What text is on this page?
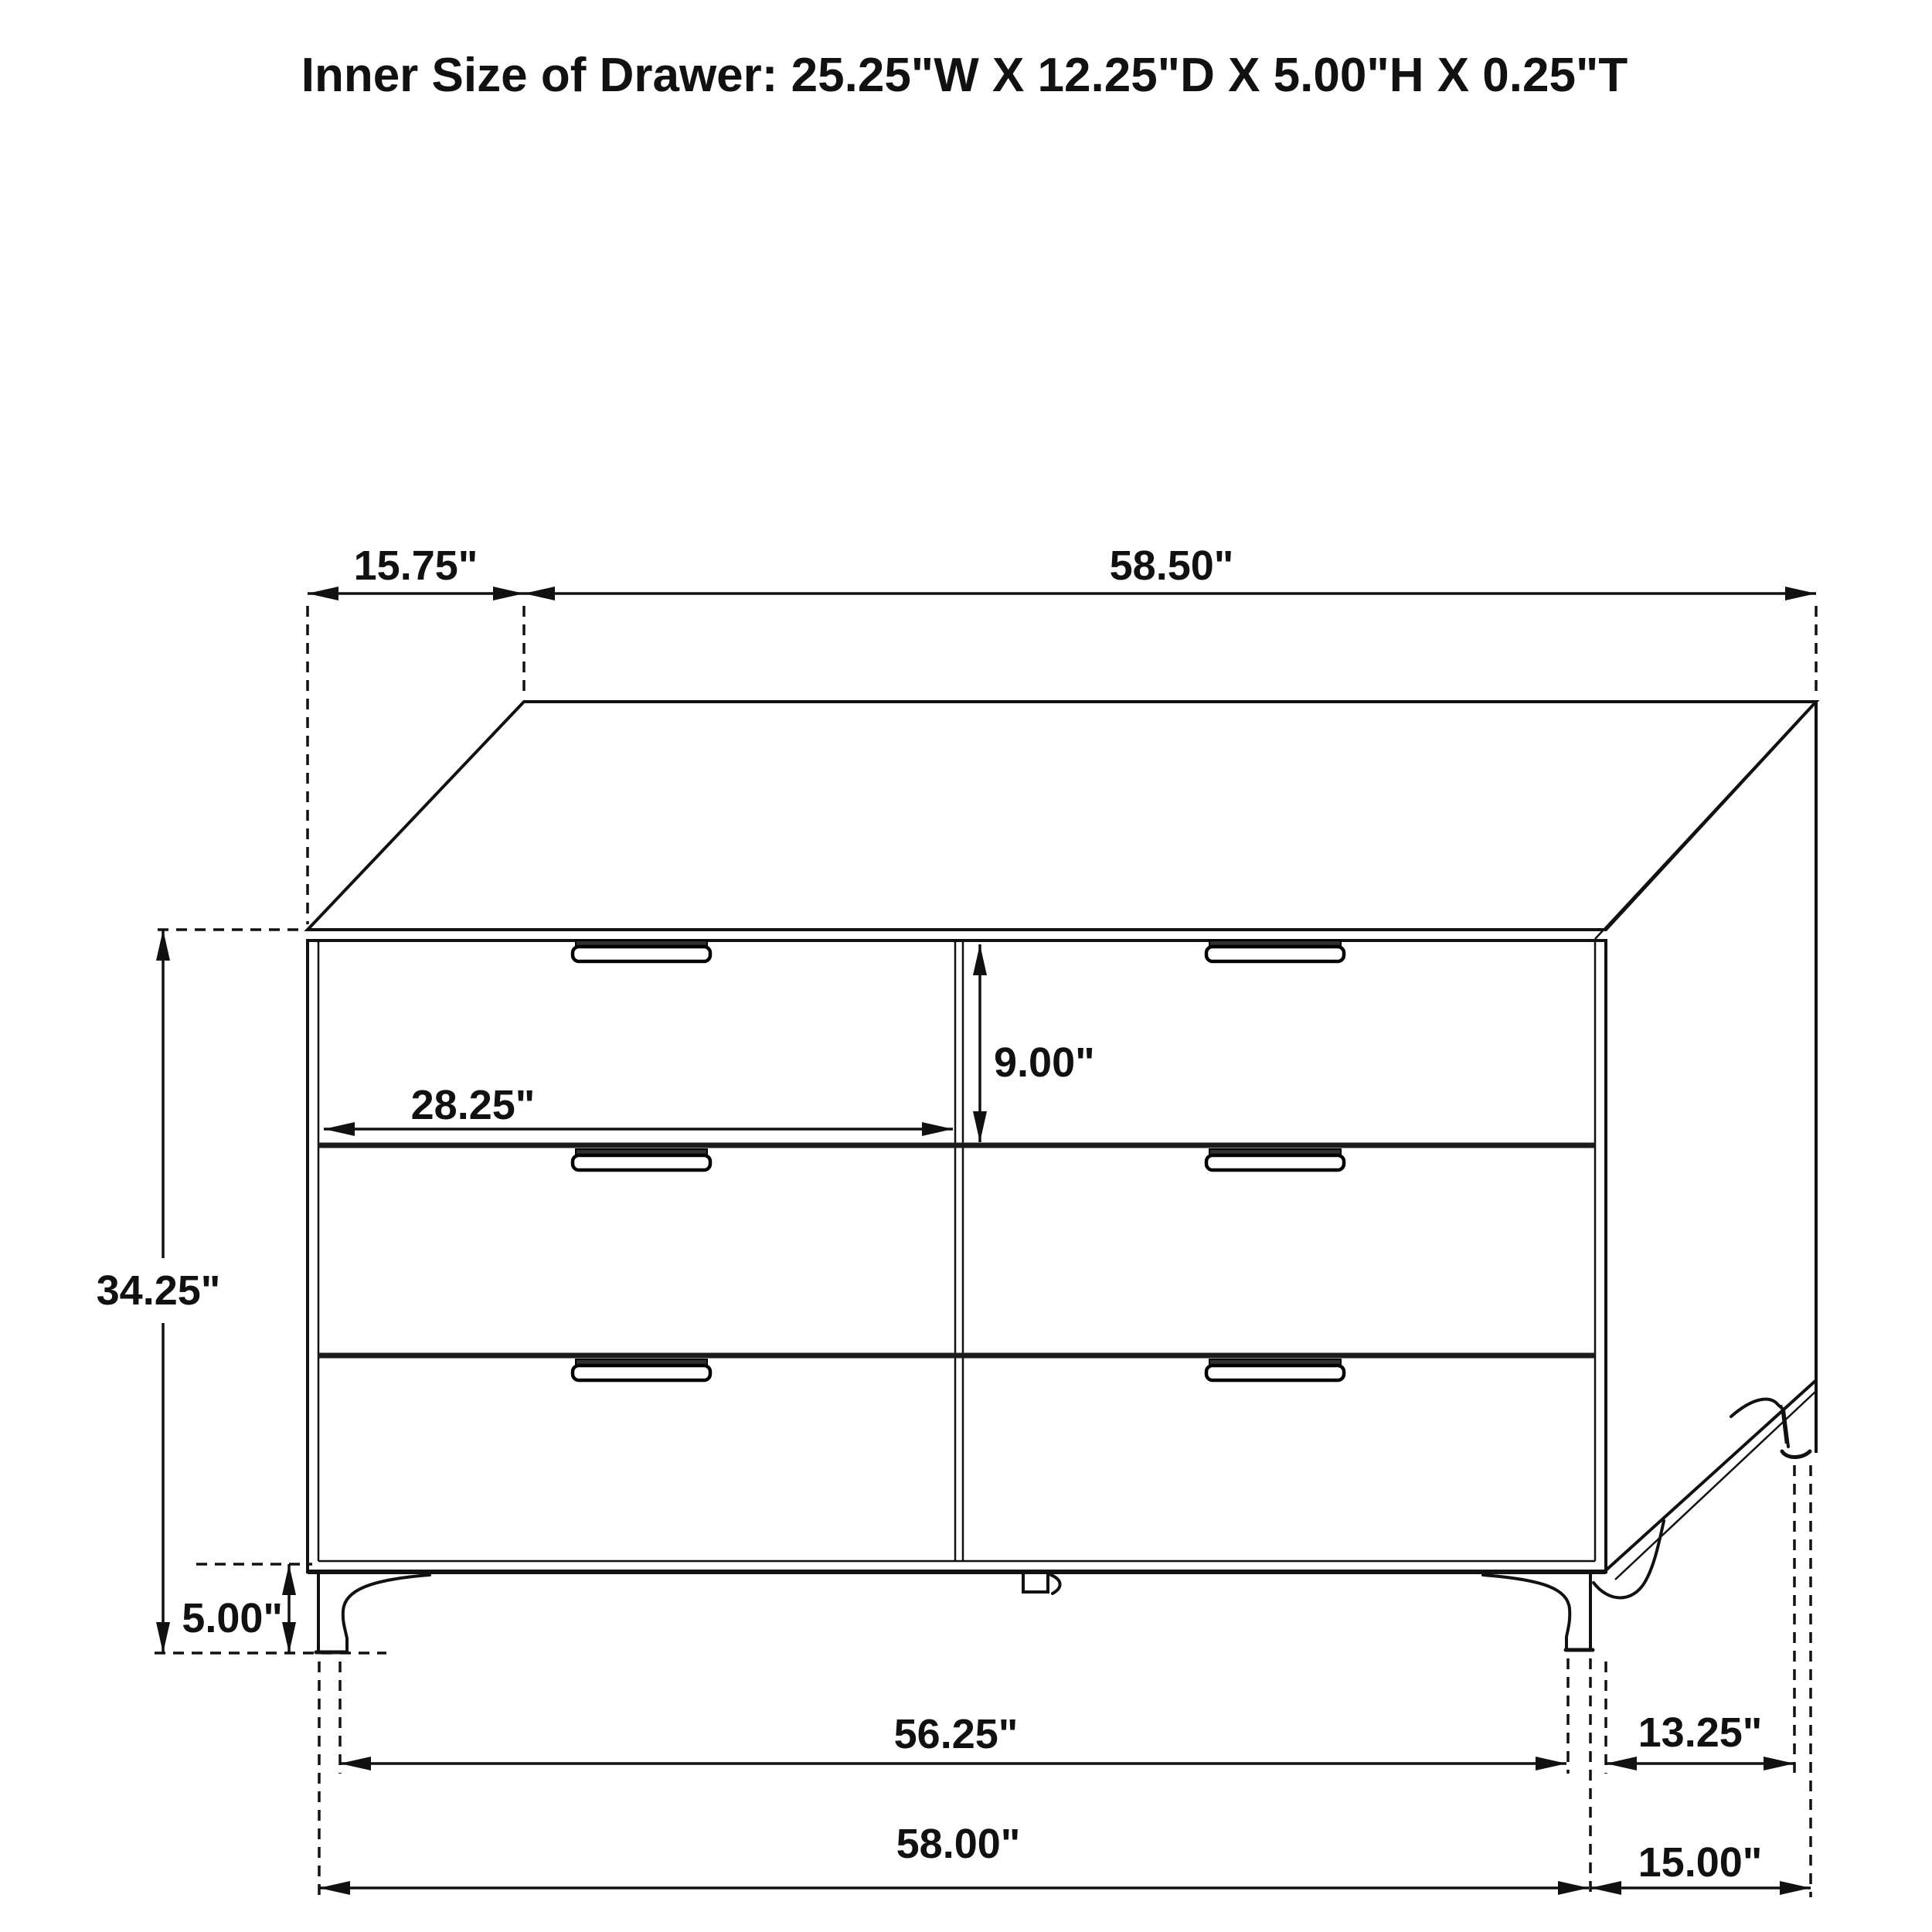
Inner Size of Drawer: 25.25"W X 12.25"D X 5.00"H X 0.25"T
15.75"	58.50"
34.25"
5.00"
9.00"
28.25"
56.25"	13.25"
58.00"	15.00"
